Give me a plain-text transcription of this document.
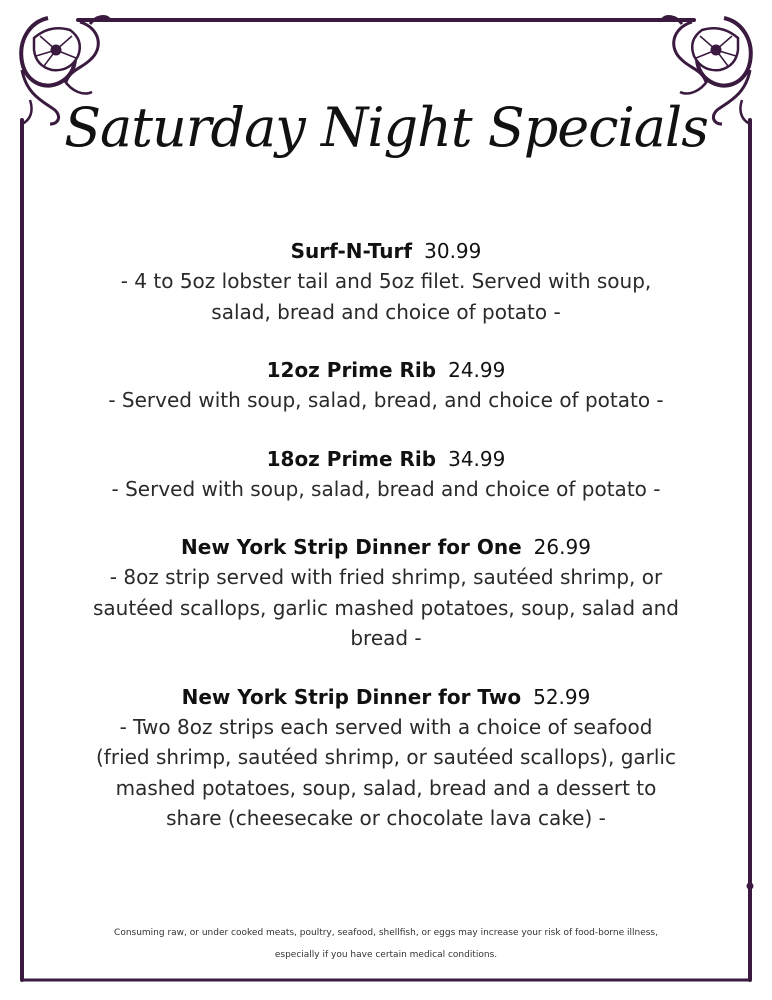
Saturday Night Specials
Surf-N-Turf 30.99
- 4 to 5oz lobster tail and 5oz filet. Served with soup, salad, bread and choice of potato -
12oz Prime Rib 24.99
- Served with soup, salad, bread, and choice of potato -
18oz Prime Rib 34.99
- Served with soup, salad, bread and choice of potato -
New York Strip Dinner for One 26.99
- 8oz strip served with fried shrimp, sautéed shrimp, or sautéed scallops, garlic mashed potatoes, soup, salad and bread -
New York Strip Dinner for Two 52.99
- Two 8oz strips each served with a choice of seafood (fried shrimp, sautéed shrimp, or sautéed scallops), garlic mashed potatoes, soup, salad, bread and a dessert to share (cheesecake or chocolate lava cake) -
Consuming raw, or under cooked meats, poultry, seafood, shellfish, or eggs may increase your risk of food-borne illness,
especially if you have certain medical conditions.
